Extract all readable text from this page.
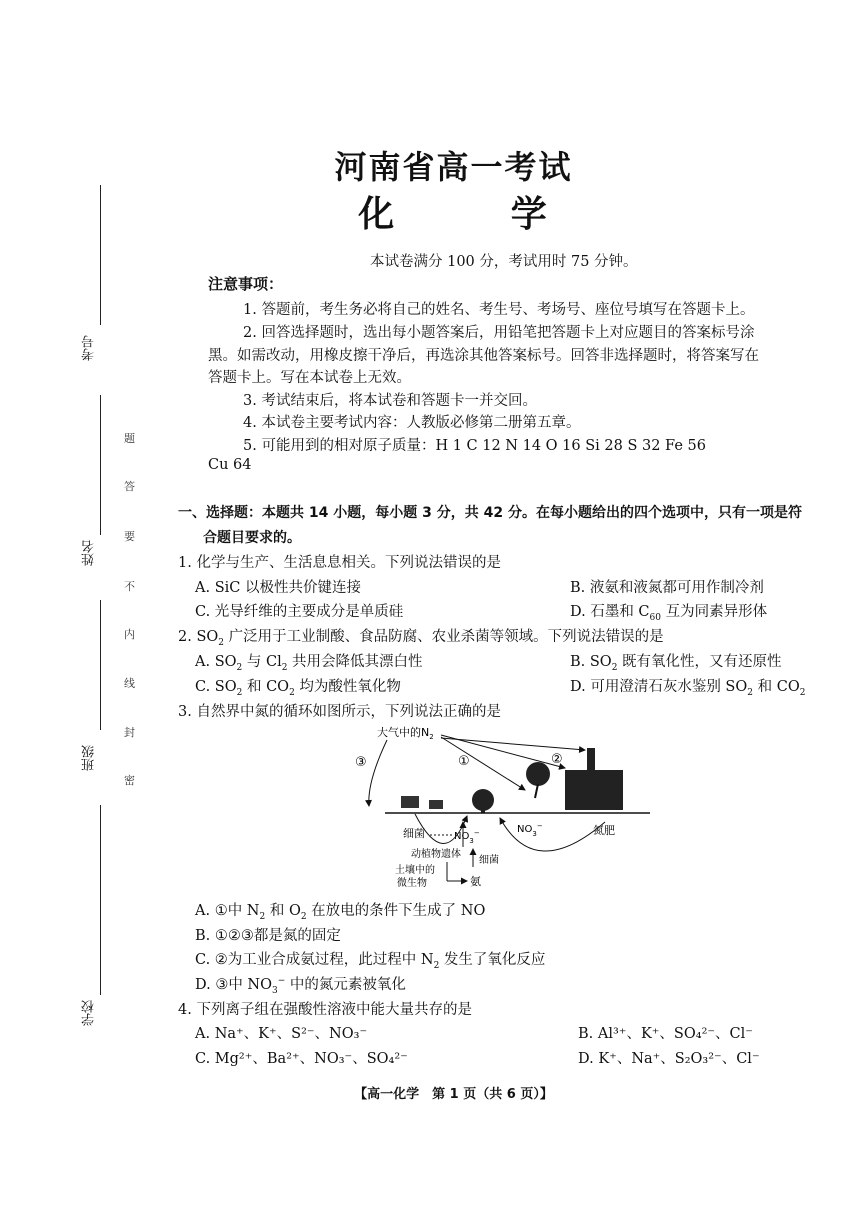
考号
姓名
班级
学校
题
答
要
不
内
线
封
密
河南省高一考试
化 学
本试卷满分 100 分，考试用时 75 分钟。
注意事项：
1. 答题前，考生务必将自己的姓名、考生号、考场号、座位号填写在答题卡上。
2. 回答选择题时，选出每小题答案后，用铅笔把答题卡上对应题目的答案标号涂
黑。如需改动，用橡皮擦干净后，再选涂其他答案标号。回答非选择题时，将答案写在
答题卡上。写在本试卷上无效。
3. 考试结束后，将本试卷和答题卡一并交回。
4. 本试卷主要考试内容：人教版必修第二册第五章。
5. 可能用到的相对原子质量：H 1 C 12 N 14 O 16 Si 28 S 32 Fe 56
Cu 64
一、选择题：本题共 14 小题，每小题 3 分，共 42 分。在每小题给出的四个选项中，只有一项是符
合题目要求的。
1. 化学与生产、生活息息相关。下列说法错误的是
A. SiC 以极性共价键连接	B. 液氨和液氮都可用作制冷剂
C. 光导纤维的主要成分是单质硅	D. 石墨和 $C_{60}$ 互为同素异形体
2. $SO_2$ 广泛用于工业制酸、食品防腐、农业杀菌等领域。下列说法错误的是
A. $SO_2$ 与 $Cl_2$ 共用会降低其漂白性	B. $SO_2$ 既有氧化性，又有还原性
C. $SO_2$ 和 $CO_2$ 均为酸性氧化物	D. 可用澄清石灰水鉴别 $SO_2$ 和 $CO_2$
3. 自然界中氮的循环如图所示，下列说法正确的是
大气中的$N_2$
③	①	②
细菌	$NO_3^-$	$NO_3^-$	氮肥
动植物遗体
细菌
土壤中的
微生物	氨
A. ①中 $N_2$ 和 $O_2$ 在放电的条件下生成了 NO
B. ①②③都是氮的固定
C. ②为工业合成氨过程，此过程中 $N_2$ 发生了氧化反应
D. ③中 $NO_3^-$ 中的氮元素被氧化
4. 下列离子组在强酸性溶液中能大量共存的是
A. Na⁺、K⁺、S²⁻、NO₃⁻	B. Al³⁺、K⁺、SO₄²⁻、Cl⁻
C. Mg²⁺、Ba²⁺、NO₃⁻、SO₄²⁻	D. K⁺、Na⁺、S₂O₃²⁻、Cl⁻
【高一化学　第 1 页（共 6 页）】
